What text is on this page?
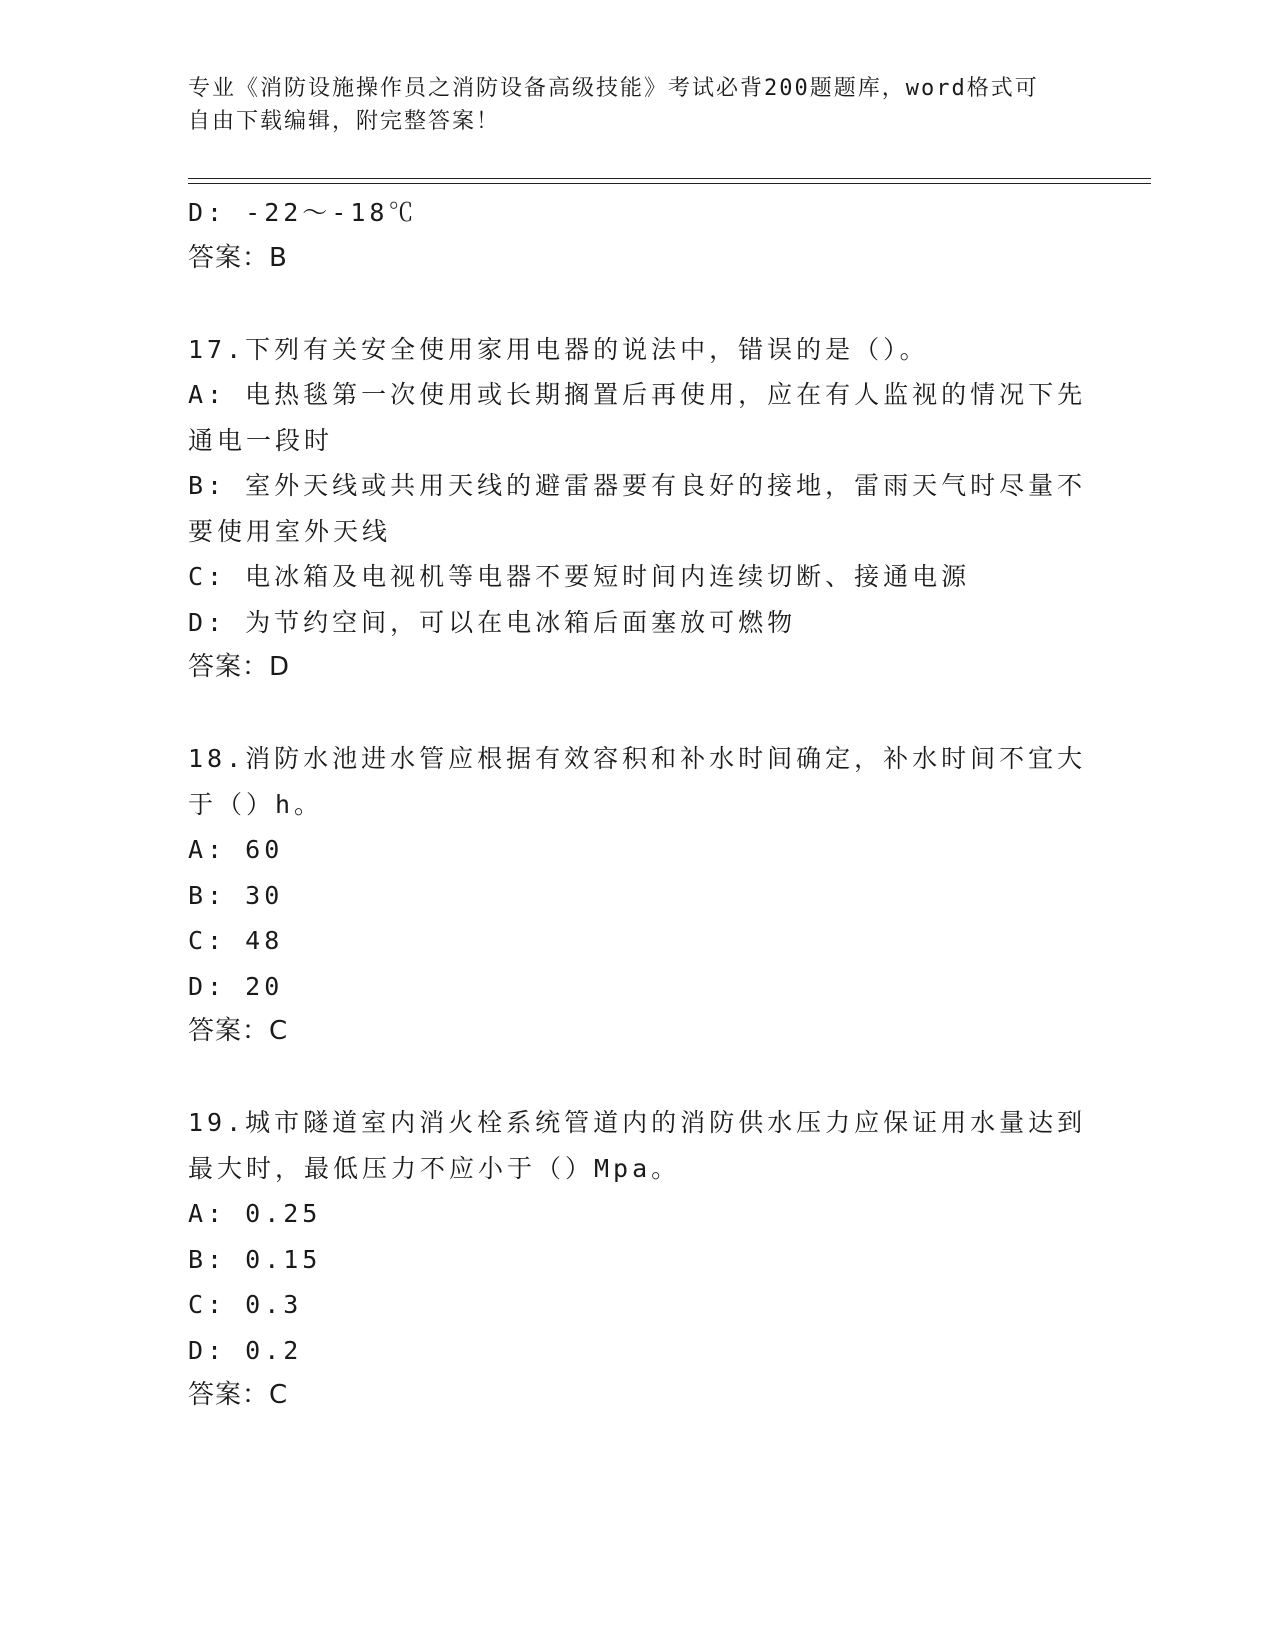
专业《消防设施操作员之消防设备高级技能》考试必背200题题库，word格式可
自由下载编辑，附完整答案！
D: -22～-18℃
答案：B
17.下列有关安全使用家用电器的说法中，错误的是（）。
A: 电热毯第一次使用或长期搁置后再使用，应在有人监视的情况下先
通电一段时
B: 室外天线或共用天线的避雷器要有良好的接地，雷雨天气时尽量不
要使用室外天线
C: 电冰箱及电视机等电器不要短时间内连续切断、接通电源
D: 为节约空间，可以在电冰箱后面塞放可燃物
答案：D
18.消防水池进水管应根据有效容积和补水时间确定，补水时间不宜大
于（）h。
A: 60
B: 30
C: 48
D: 20
答案：C
19.城市隧道室内消火栓系统管道内的消防供水压力应保证用水量达到
最大时，最低压力不应小于（）Mpa。
A: 0.25
B: 0.15
C: 0.3
D: 0.2
答案：C
